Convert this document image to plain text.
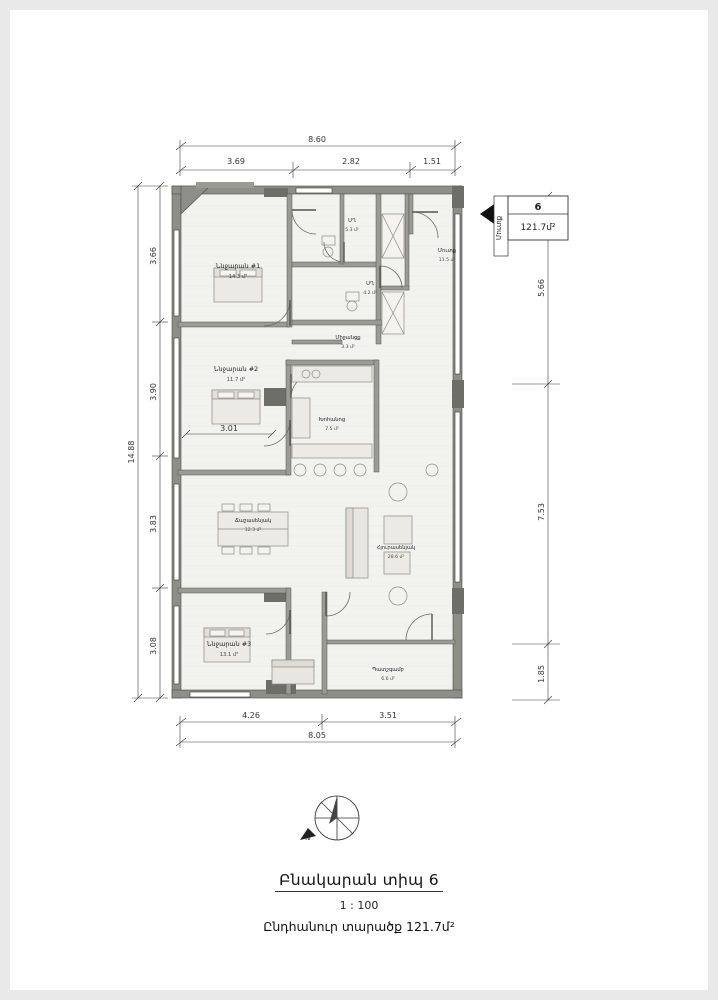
8.60
3.69	2.82	1.51
4.26	3.51
8.05
14.88
3.66
3.90
3.83
3.08
5.66
7.53
1.85
3.01
Ննջարան #1
14.3 մ²
Ննջարան #2
11.7 մ²
Ննջարան #3
13.1 մ²
ՍՂ
5.3 մ²
ՍՂ
4.2 մ²
Մուտք
11.5 մ²
Միջանցք
3.3 մ²
Խոհանոց
7.5 մ²
Ճաշասենյակ
12.3 մ²
Հյուրասենյակ
28.6 մ²
Պատշգամբ
6.6 մ²
Մուտք
6
121.7մ²
N
Բնակարան տիպ 6
1 : 100
Ընդհանուր տարածք 121.7մ²
